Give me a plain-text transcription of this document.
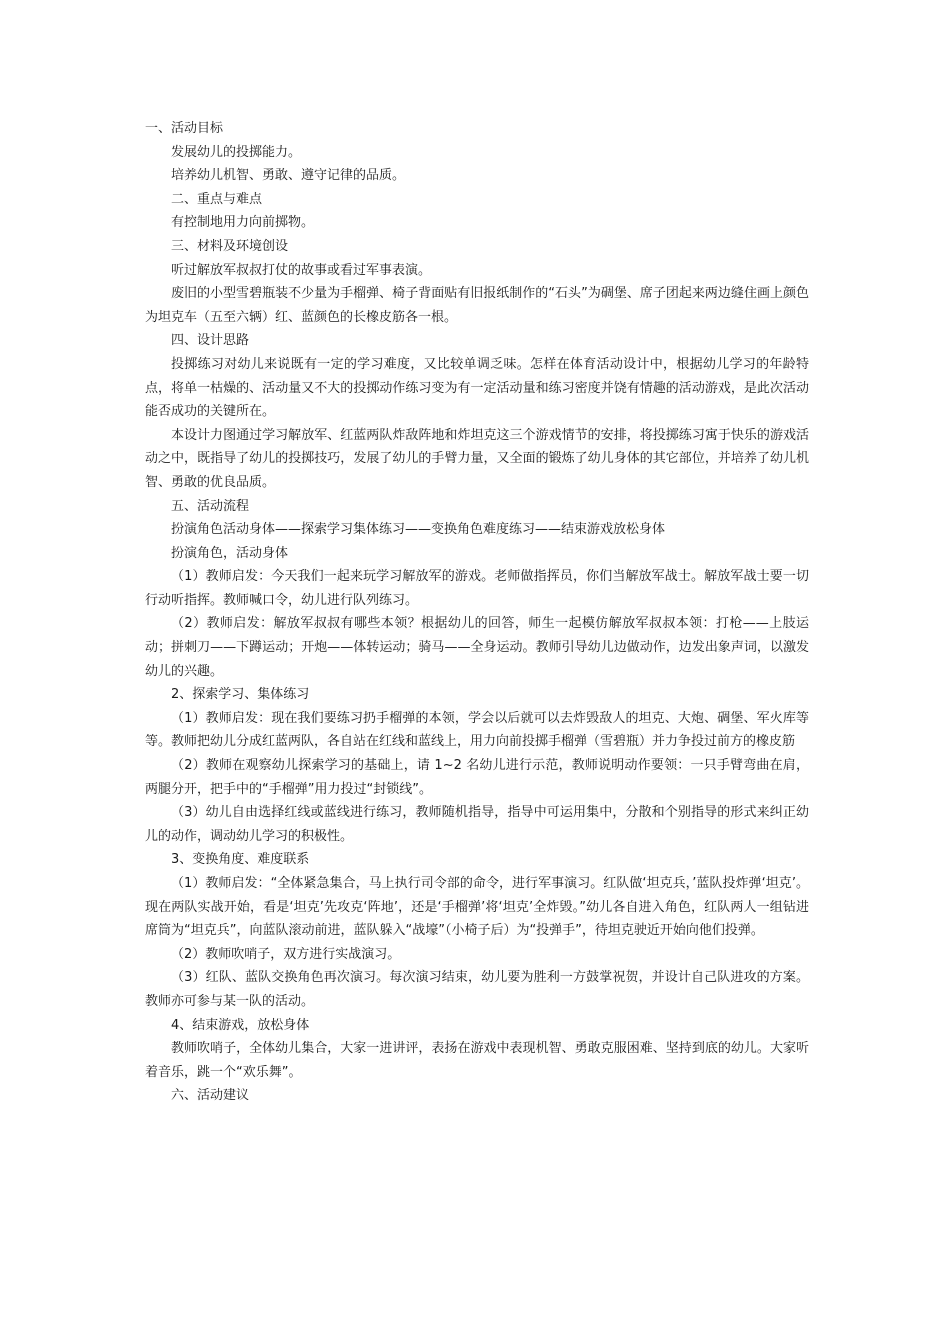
一、活动目标

发展幼儿的投掷能力。

培养幼儿机智、勇敢、遵守记律的品质。

二、重点与难点

有控制地用力向前掷物。

三、材料及环境创设

听过解放军叔叔打仗的故事或看过军事表演。

废旧的小型雪碧瓶装不少量为手榴弹、椅子背面贴有旧报纸制作的“石头”为碉堡、席子团起来两边缝住画上颜色为坦克车（五至六辆）红、蓝颜色的长橡皮筋各一根。

四、设计思路

投掷练习对幼儿来说既有一定的学习难度，又比较单调乏味。怎样在体育活动设计中，根据幼儿学习的年龄特点，将单一枯燥的、活动量又不大的投掷动作练习变为有一定活动量和练习密度并饶有情趣的活动游戏，是此次活动能否成功的关键所在。

本设计力图通过学习解放军、红蓝两队炸敌阵地和炸坦克这三个游戏情节的安排，将投掷练习寓于快乐的游戏活动之中，既指导了幼儿的投掷技巧，发展了幼儿的手臂力量，又全面的锻炼了幼儿身体的其它部位，并培养了幼儿机智、勇敢的优良品质。

五、活动流程

扮演角色活动身体——探索学习集体练习——变换角色难度练习——结束游戏放松身体

扮演角色，活动身体

（1）教师启发：今天我们一起来玩学习解放军的游戏。老师做指挥员，你们当解放军战士。解放军战士要一切行动听指挥。教师喊口令，幼儿进行队列练习。

（2）教师启发：解放军叔叔有哪些本领？根据幼儿的回答，师生一起模仿解放军叔叔本领：打枪——上肢运动；拼刺刀——下蹲运动；开炮——体转运动；骑马——全身运动。教师引导幼儿边做动作，边发出象声词，以激发幼儿的兴趣。

2、探索学习、集体练习

（1）教师启发：现在我们要练习扔手榴弹的本领，学会以后就可以去炸毁敌人的坦克、大炮、碉堡、军火库等等。教师把幼儿分成红蓝两队，各自站在红线和蓝线上，用力向前投掷手榴弹（雪碧瓶）并力争投过前方的橡皮筋

（2）教师在观察幼儿探索学习的基础上，请 1~2 名幼儿进行示范，教师说明动作要领：一只手臂弯曲在肩，两腿分开，把手中的“手榴弹”用力投过“封锁线”。

（3）幼儿自由选择红线或蓝线进行练习，教师随机指导，指导中可运用集中，分散和个别指导的形式来纠正幼儿的动作，调动幼儿学习的积极性。

3、变换角度、难度联系

（1）教师启发：“全体紧急集合，马上执行司令部的命令，进行军事演习。红队做‘坦克兵，’蓝队投炸弹‘坦克’。现在两队实战开始，看是‘坦克’先攻克‘阵地’，还是‘手榴弹’将‘坦克’全炸毁。”幼儿各自进入角色，红队两人一组钻进席筒为“坦克兵”，向蓝队滚动前进，蓝队躲入“战壕”（小椅子后）为“投弹手”，待坦克驶近开始向他们投弹。

（2）教师吹哨子，双方进行实战演习。

（3）红队、蓝队交换角色再次演习。每次演习结束，幼儿要为胜利一方鼓掌祝贺，并设计自己队进攻的方案。教师亦可参与某一队的活动。

4、结束游戏，放松身体

教师吹哨子，全体幼儿集合，大家一进讲评，表扬在游戏中表现机智、勇敢克服困难、坚持到底的幼儿。大家听着音乐，跳一个“欢乐舞”。

六、活动建议
